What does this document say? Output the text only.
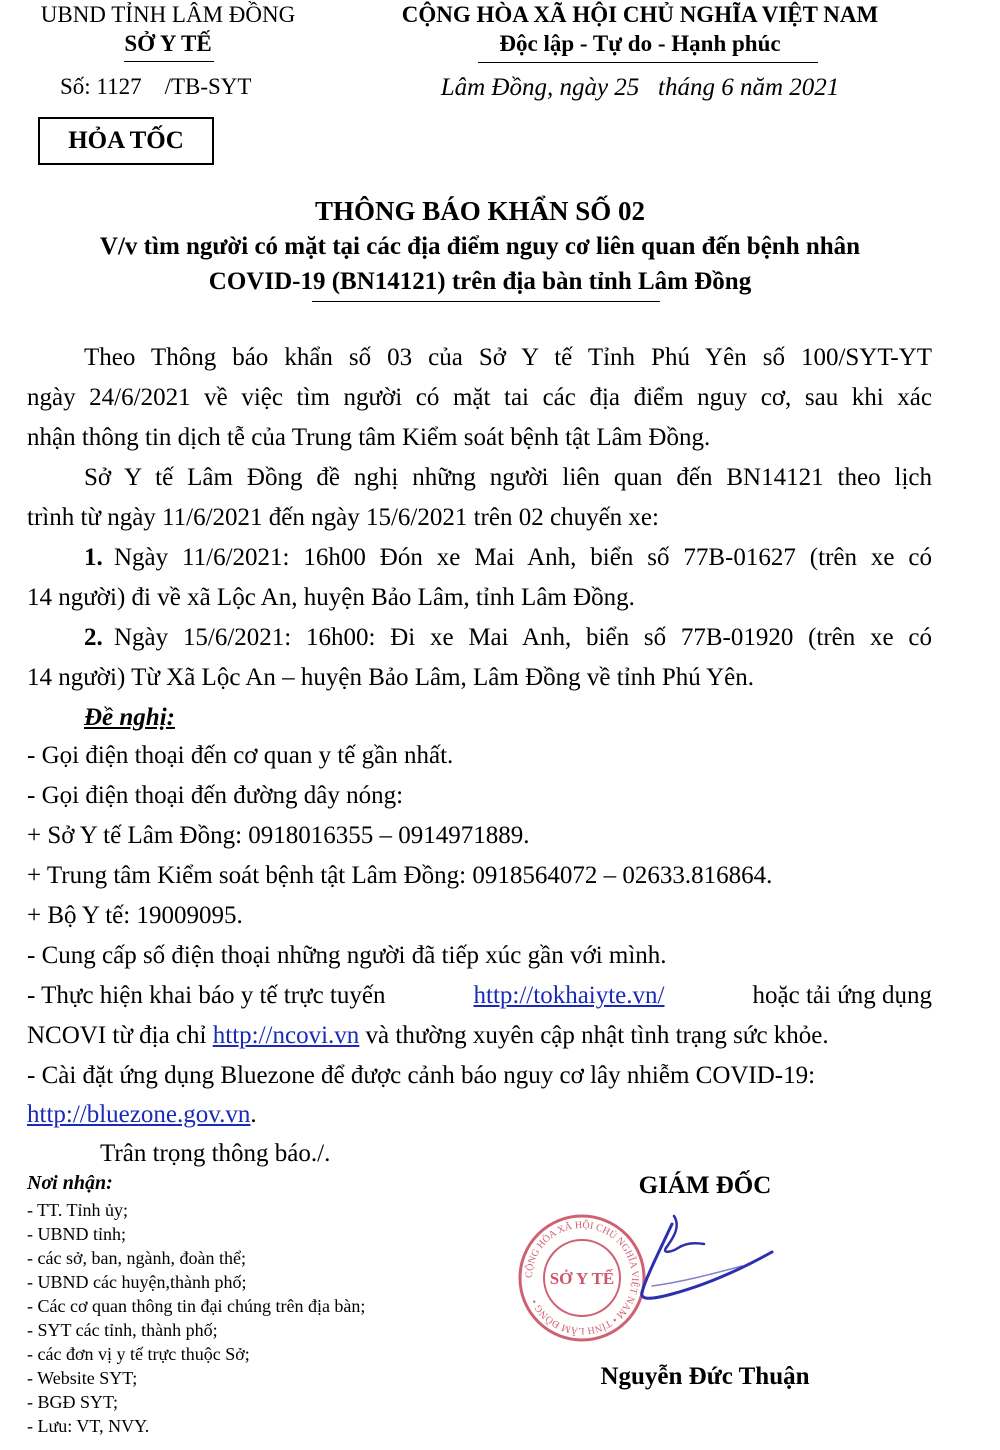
UBND TỈNH LÂM ĐỒNG
SỞ Y TẾ
Số: 1127    /TB-SYT
CỘNG HÒA XÃ HỘI CHỦ NGHĨA VIỆT NAM
Độc lập - Tự do - Hạnh phúc
Lâm Đồng, ngày 25   tháng 6 năm 2021
HỎA TỐC
THÔNG BÁO KHẨN SỐ 02
V/v tìm người có mặt tại các địa điểm nguy cơ liên quan đến bệnh nhân
COVID-19 (BN14121) trên địa bàn tỉnh Lâm Đồng
Theo Thông báo khẩn số 03 của Sở Y tế Tỉnh Phú Yên số 100/SYT-YT
ngày 24/6/2021 về việc tìm người có mặt tai các địa điểm nguy cơ, sau khi xác
nhận thông tin dịch tễ của Trung tâm Kiểm soát bệnh tật Lâm Đồng.
Sở Y tế Lâm Đồng đề nghị những người liên quan đến BN14121 theo lịch
trình từ ngày 11/6/2021 đến ngày 15/6/2021 trên 02 chuyến xe:
1. Ngày 11/6/2021: 16h00 Đón xe Mai Anh, biển số 77B-01627 (trên xe có
14 người) đi về xã Lộc An, huyện Bảo Lâm, tỉnh Lâm Đồng.
2. Ngày 15/6/2021: 16h00: Đi xe Mai Anh, biển số 77B-01920 (trên xe có
14 người) Từ Xã Lộc An – huyện Bảo Lâm, Lâm Đồng về tỉnh Phú Yên.
Đề nghị:
- Gọi điện thoại đến cơ quan y tế gần nhất.
- Gọi điện thoại đến đường dây nóng:
+ Sở Y tế Lâm Đồng: 0918016355 – 0914971889.
+ Trung tâm Kiểm soát bệnh tật Lâm Đồng: 0918564072 – 02633.816864.
+ Bộ Y tế: 19009095.
- Cung cấp số điện thoại những người đã tiếp xúc gần với mình.
- Thực hiện khai báo y tế trực tuyến	http://tokhaiyte.vn/	hoặc tải ứng dụng
NCOVI từ địa chỉ http://ncovi.vn và thường xuyên cập nhật tình trạng sức khỏe.
- Cài đặt ứng dụng Bluezone để được cảnh báo nguy cơ lây nhiễm COVID-19:
http://bluezone.gov.vn.
Trân trọng thông báo./.
Nơi nhận:
- TT. Tỉnh ủy;
- UBND tỉnh;
- các sở, ban, ngành, đoàn thể;
- UBND các huyện,thành phố;
- Các cơ quan thông tin đại chúng trên địa bàn;
- SYT các tỉnh, thành phố;
- các đơn vị y tế trực thuộc Sở;
- Website SYT;
- BGĐ SYT;
- Lưu: VT, NVY.
GIÁM ĐỐC
CỘNG HÒA XÃ HỘI CHỦ NGHĨA VIỆT NAM • TỈNH LÂM ĐỒNG •
SỞ Y TẾ
Nguyễn Đức Thuận
